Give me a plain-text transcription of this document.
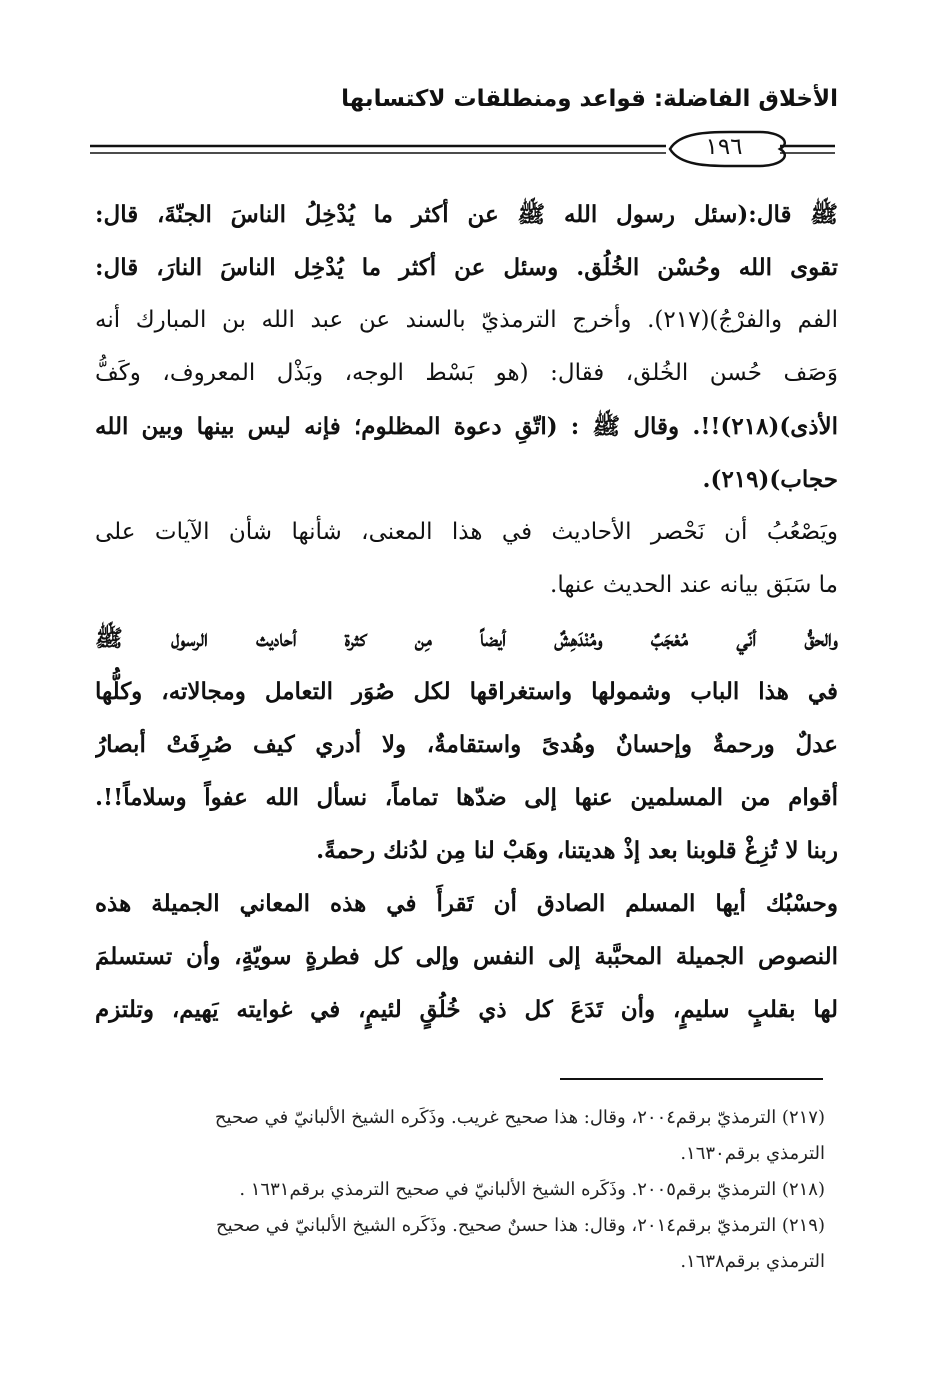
الأخلاق الفاضلة: قواعد ومنطلقات لاكتسابها
١٩٦
ﷺ قال:(سئل رسول الله ﷺ عن أكثر ما يُدْخِلُ الناسَ الجنّةَ، قال:
تقوى الله وحُسْن الخُلُق. وسئل عن أكثر ما يُدْخِل الناسَ النارَ، قال:
الفم والفرْجُ)(٢١٧). وأخرج الترمذيّ بالسند عن عبد الله بن المبارك أنه
وَصَف حُسن الخُلق، فقال: (هو بَسْط الوجه، وبَذْل المعروف، وكَفُّ
الأذى)(٢١٨)!!. وقال ﷺ : (اتّقِ دعوة المظلوم؛ فإنه ليس بينها وبين الله
حجاب)(٢١٩).
ويَصْعُبُ أن نَحْصر الأحاديث في هذا المعنى، شأنها شأن الآيات على
ما سَبَق بيانه عند الحديث عنها.
والحقُّ أنّي مُعْجَبٌ ومُنْدَهِشٌ أيضاً مِن كثرة أحاديث الرسول ﷺ
في هذا الباب وشمولها واستغراقها لكل صُوَر التعامل ومجالاته، وكلُّها
عدلٌ ورحمةٌ وإحسانٌ وهُدىً واستقامةٌ، ولا أدري كيف صُرِفَتْ أبصارُ
أقوام من المسلمين عنها إلى ضدّها تماماً، نسأل الله عفواً وسلاماً!!.
ربنا لا تُزِغْ قلوبنا بعد إذْ هديتنا، وهَبْ لنا مِن لدُنك رحمةً.
وحسْبُك أيها المسلم الصادق أن تَقرأَ في هذه المعاني الجميلة هذه
النصوص الجميلة المحبَّبة إلى النفس وإلى كل فطرةٍ سويّةٍ، وأن تستسلمَ
لها بقلبٍ سليمٍ، وأن تَدَعَ كل ذي خُلُقٍ لئيمٍ، في غوايته يَهيم، وتلتزم
(٢١٧) الترمذيّ برقم٢٠٠٤، وقال: هذا صحيح غريب. وذَكَره الشيخ الألبانيّ في صحيح
الترمذي برقم١٦٣٠.
(٢١٨) الترمذيّ برقم٢٠٠٥. وذَكَره الشيخ الألبانيّ في صحيح الترمذي برقم١٦٣١ .
(٢١٩) الترمذيّ برقم٢٠١٤، وقال: هذا حسنٌ صحيح. وذَكَره الشيخ الألبانيّ في صحيح
الترمذي برقم١٦٣٨.
